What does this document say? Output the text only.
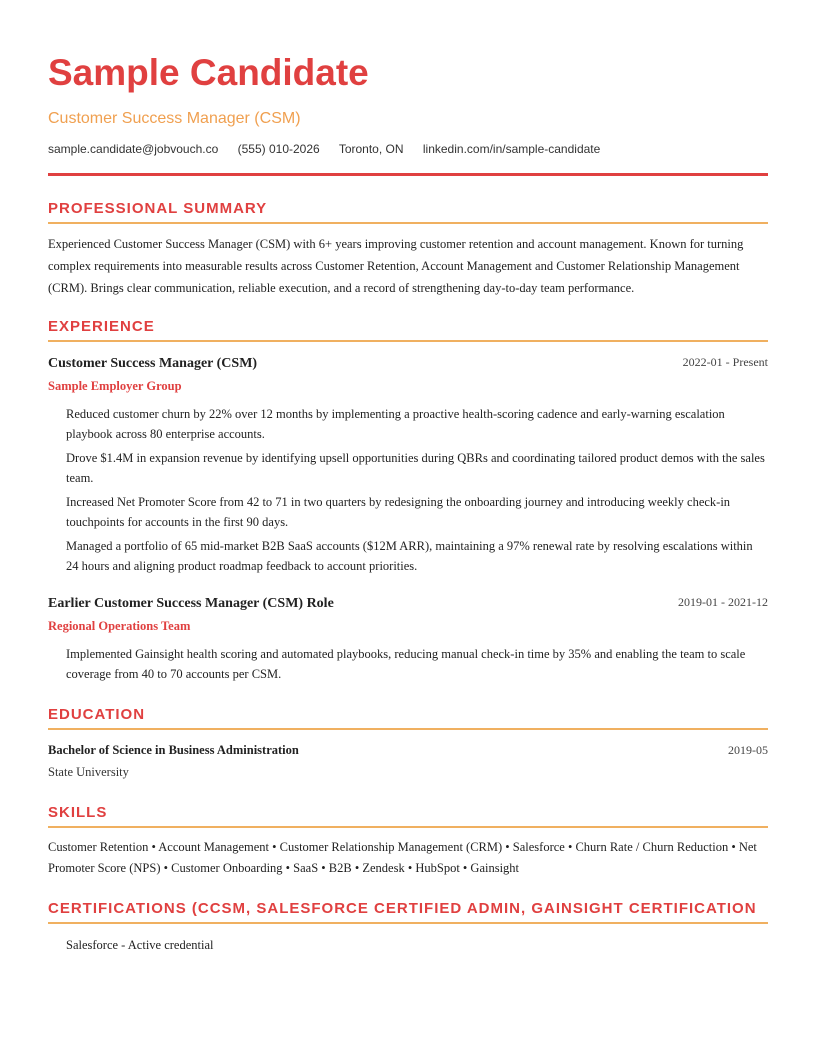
Sample Candidate
Customer Success Manager (CSM)
sample.candidate@jobvouch.co (555) 010-2026 Toronto, ON linkedin.com/in/sample-candidate
PROFESSIONAL SUMMARY
Experienced Customer Success Manager (CSM) with 6+ years improving customer retention and account management. Known for turning complex requirements into measurable results across Customer Retention, Account Management and Customer Relationship Management (CRM). Brings clear communication, reliable execution, and a record of strengthening day-to-day team performance.
EXPERIENCE
Customer Success Manager (CSM)	2022-01 - Present
Sample Employer Group
Reduced customer churn by 22% over 12 months by implementing a proactive health-scoring cadence and early-warning escalation playbook across 80 enterprise accounts.
Drove $1.4M in expansion revenue by identifying upsell opportunities during QBRs and coordinating tailored product demos with the sales team.
Increased Net Promoter Score from 42 to 71 in two quarters by redesigning the onboarding journey and introducing weekly check-in touchpoints for accounts in the first 90 days.
Managed a portfolio of 65 mid-market B2B SaaS accounts ($12M ARR), maintaining a 97% renewal rate by resolving escalations within 24 hours and aligning product roadmap feedback to account priorities.
Earlier Customer Success Manager (CSM) Role	2019-01 - 2021-12
Regional Operations Team
Implemented Gainsight health scoring and automated playbooks, reducing manual check-in time by 35% and enabling the team to scale coverage from 40 to 70 accounts per CSM.
EDUCATION
Bachelor of Science in Business Administration	2019-05
State University
SKILLS
Customer Retention • Account Management • Customer Relationship Management (CRM) • Salesforce • Churn Rate / Churn Reduction • Net Promoter Score (NPS) • Customer Onboarding • SaaS • B2B • Zendesk • HubSpot • Gainsight
CERTIFICATIONS (CCSM, SALESFORCE CERTIFIED ADMIN, GAINSIGHT CERTIFICATION
Salesforce - Active credential
